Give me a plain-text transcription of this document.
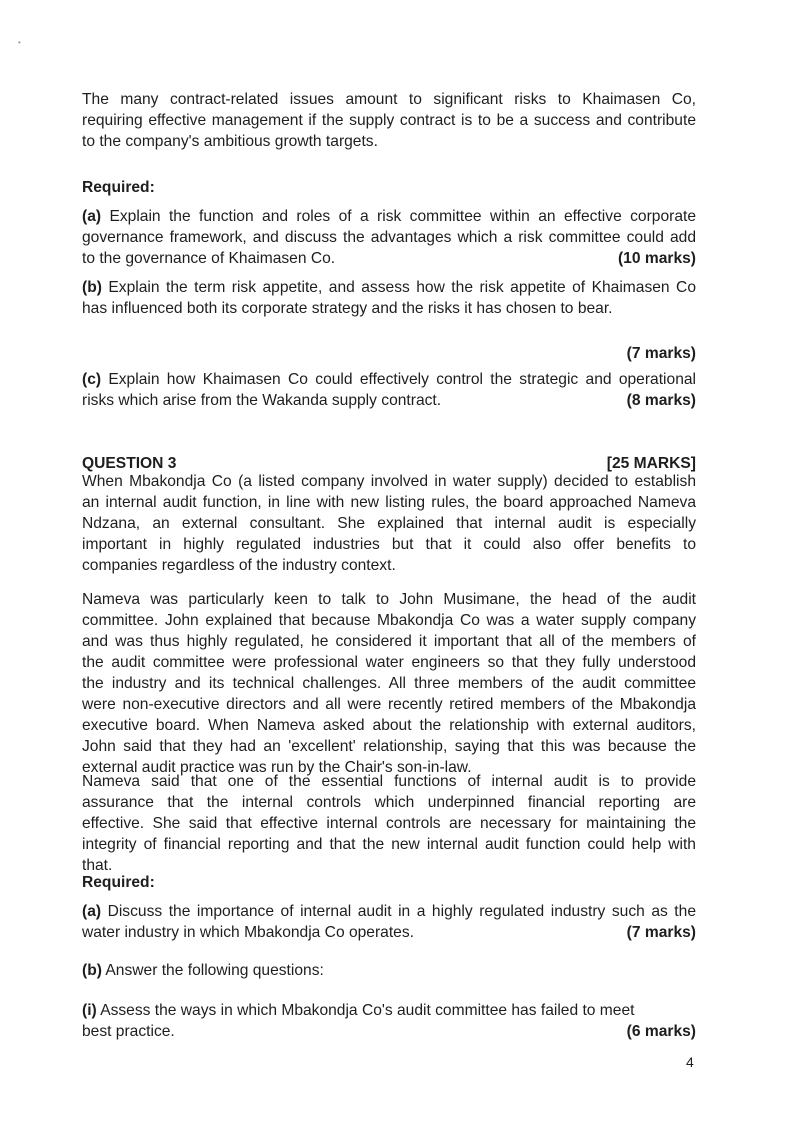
•
The many contract-related issues amount to significant risks to Khaimasen Co,
requiring effective management if the supply contract is to be a success and contribute
to the company's ambitious growth targets.
Required:
(a) Explain the function and roles of a risk committee within an effective corporate
governance framework, and discuss the advantages which a risk committee could add
to the governance of Khaimasen Co.	(10 marks)
(b) Explain the term risk appetite, and assess how the risk appetite of Khaimasen Co
has influenced both its corporate strategy and the risks it has chosen to bear.
(7 marks)
(c) Explain how Khaimasen Co could effectively control the strategic and operational
risks which arise from the Wakanda supply contract.	(8 marks)
QUESTION 3	[25 MARKS]
When Mbakondja Co (a listed company involved in water supply) decided to establish
an internal audit function, in line with new listing rules, the board approached Nameva
Ndzana, an external consultant. She explained that internal audit is especially
important in highly regulated industries but that it could also offer benefits to
companies regardless of the industry context.
Nameva was particularly keen to talk to John Musimane, the head of the audit
committee. John explained that because Mbakondja Co was a water supply company
and was thus highly regulated, he considered it important that all of the members of
the audit committee were professional water engineers so that they fully understood
the industry and its technical challenges. All three members of the audit committee
were non-executive directors and all were recently retired members of the Mbakondja
executive board. When Nameva asked about the relationship with external auditors,
John said that they had an 'excellent' relationship, saying that this was because the
external audit practice was run by the Chair's son-in-law.
Nameva said that one of the essential functions of internal audit is to provide
assurance that the internal controls which underpinned financial reporting are
effective. She said that effective internal controls are necessary for maintaining the
integrity of financial reporting and that the new internal audit function could help with
that.
Required:
(a) Discuss the importance of internal audit in a highly regulated industry such as the
water industry in which Mbakondja Co operates.	(7 marks)
(b) Answer the following questions:
(i) Assess the ways in which Mbakondja Co's audit committee has failed to meet
best practice.	(6 marks)
4
